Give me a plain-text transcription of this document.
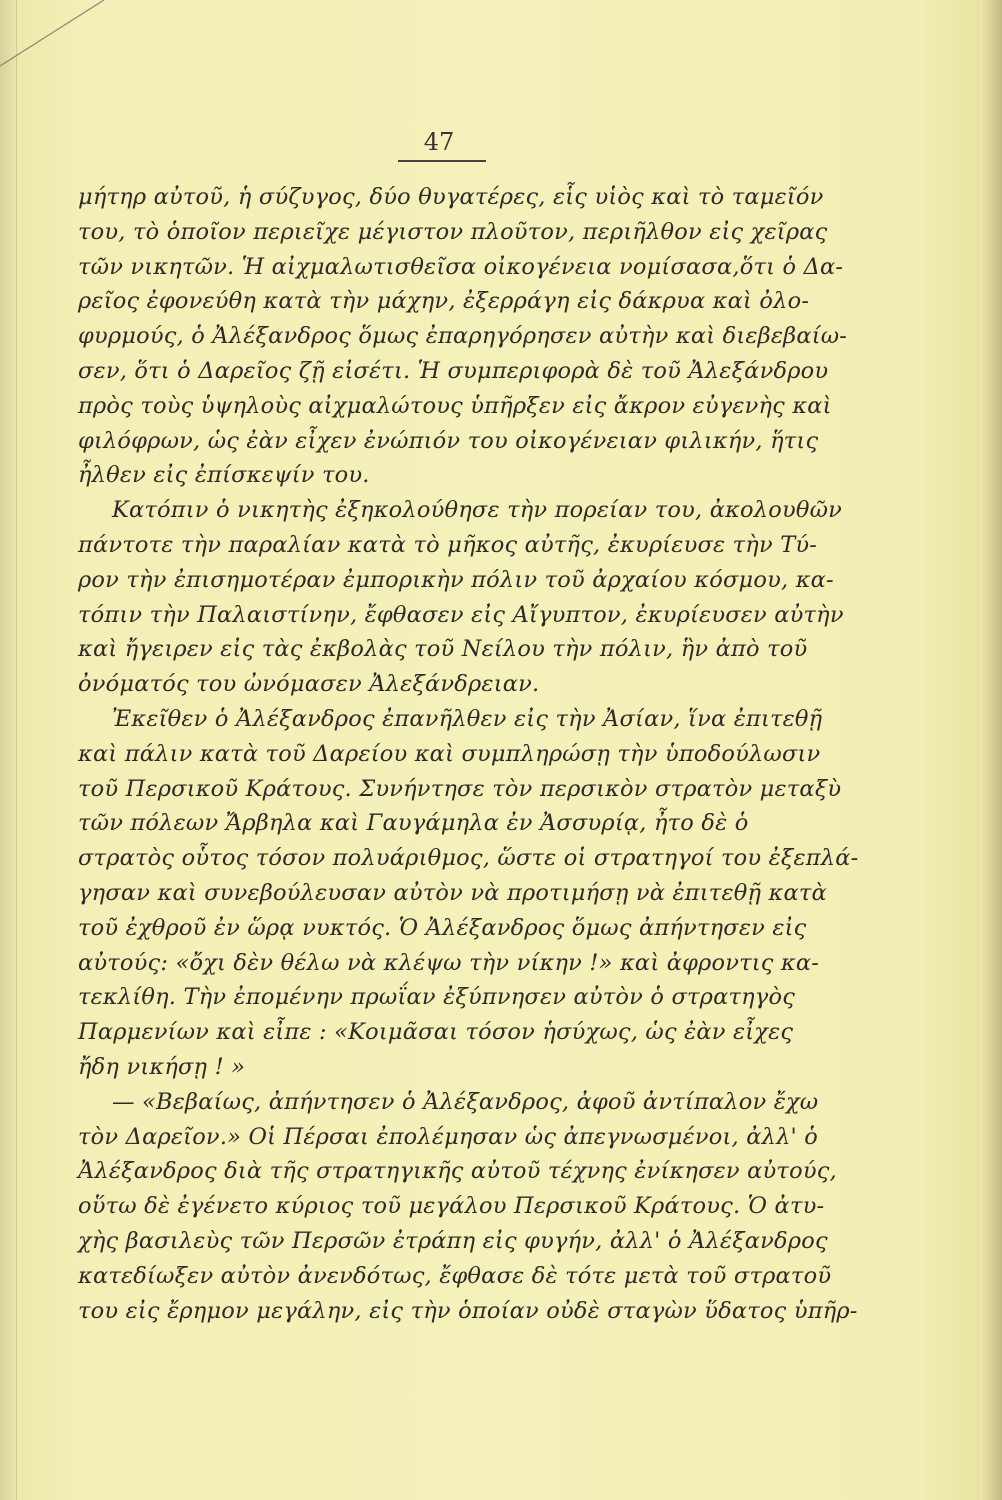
47
μήτηρ αὐτοῦ, ἡ σύζυγος, δύο θυγατέρες, εἷς υἱὸς καὶ τὸ ταμεῖόν
του, τὸ ὁποῖον περιεῖχε μέγιστον πλοῦτον, περιῆλθον εἰς χεῖρας
τῶν νικητῶν. Ἡ αἰχμαλωτισθεῖσα οἰκογένεια νομίσασα,ὅτι ὁ Δα-
ρεῖος ἐφονεύθη κατὰ τὴν μάχην, ἐξερράγη εἰς δάκρυα καὶ ὀλο-
φυρμούς, ὁ Ἀλέξανδρος ὅμως ἐπαρηγόρησεν αὐτὴν καὶ διεβεβαίω-
σεν, ὅτι ὁ Δαρεῖος ζῇ εἰσέτι. Ἡ συμπεριφορὰ δὲ τοῦ Ἀλεξάνδρου
πρὸς τοὺς ὑψηλοὺς αἰχμαλώτους ὑπῆρξεν εἰς ἄκρον εὐγενὴς καὶ
φιλόφρων, ὡς ἐὰν εἶχεν ἐνώπιόν του οἰκογένειαν φιλικήν, ἥτις
ἦλθεν εἰς ἐπίσκεψίν του.
Κατόπιν ὁ νικητὴς ἐξηκολούθησε τὴν πορείαν του, ἀκολουθῶν
πάντοτε τὴν παραλίαν κατὰ τὸ μῆκος αὐτῆς, ἐκυρίευσε τὴν Τύ-
ρον τὴν ἐπισημοτέραν ἐμπορικὴν πόλιν τοῦ ἀρχαίου κόσμου, κα-
τόπιν τὴν Παλαιστίνην, ἔφθασεν εἰς Αἴγυπτον, ἐκυρίευσεν αὐτὴν
καὶ ἤγειρεν εἰς τὰς ἐκβολὰς τοῦ Νείλου τὴν πόλιν, ἣν ἀπὸ τοῦ
ὀνόματός του ὠνόμασεν Ἀλεξάνδρειαν.
Ἐκεῖθεν ὁ Ἀλέξανδρος ἐπανῆλθεν εἰς τὴν Ἀσίαν, ἵνα ἐπιτεθῇ
καὶ πάλιν κατὰ τοῦ Δαρείου καὶ συμπληρώσῃ τὴν ὑποδούλωσιν
τοῦ Περσικοῦ Κράτους. Συνήντησε τὸν περσικὸν στρατὸν μεταξὺ
τῶν πόλεων Ἄρβηλα καὶ Γαυγάμηλα ἐν Ἀσσυρίᾳ, ἦτο δὲ ὁ
στρατὸς οὗτος τόσον πολυάριθμος, ὥστε οἱ στρατηγοί του ἐξεπλά-
γησαν καὶ συνεβούλευσαν αὐτὸν νὰ προτιμήσῃ νὰ ἐπιτεθῇ κατὰ
τοῦ ἐχθροῦ ἐν ὥρᾳ νυκτός. Ὁ Ἀλέξανδρος ὅμως ἀπήντησεν εἰς
αὐτούς: «ὄχι δὲν θέλω νὰ κλέψω τὴν νίκην !» καὶ ἀφροντις κα-
τεκλίθη. Τὴν ἐπομένην πρωΐαν ἐξύπνησεν αὐτὸν ὁ στρατηγὸς
Παρμενίων καὶ εἶπε : «Κοιμᾶσαι τόσον ἡσύχως, ὡς ἐὰν εἶχες
ἤδη νικήσῃ ! »
— «Βεβαίως, ἀπήντησεν ὁ Ἀλέξανδρος, ἀφοῦ ἀντίπαλον ἔχω
τὸν Δαρεῖον.» Οἱ Πέρσαι ἐπολέμησαν ὡς ἀπεγνωσμένοι, ἀλλ' ὁ
Ἀλέξανδρος διὰ τῆς στρατηγικῆς αὐτοῦ τέχνης ἐνίκησεν αὐτούς,
οὕτω δὲ ἐγένετο κύριος τοῦ μεγάλου Περσικοῦ Κράτους. Ὁ ἀτυ-
χὴς βασιλεὺς τῶν Περσῶν ἐτράπη εἰς φυγήν, ἀλλ' ὁ Ἀλέξανδρος
κατεδίωξεν αὐτὸν ἀνενδότως, ἔφθασε δὲ τότε μετὰ τοῦ στρατοῦ
του εἰς ἔρημον μεγάλην, εἰς τὴν ὁποίαν οὐδὲ σταγὼν ὕδατος ὑπῆρ-
